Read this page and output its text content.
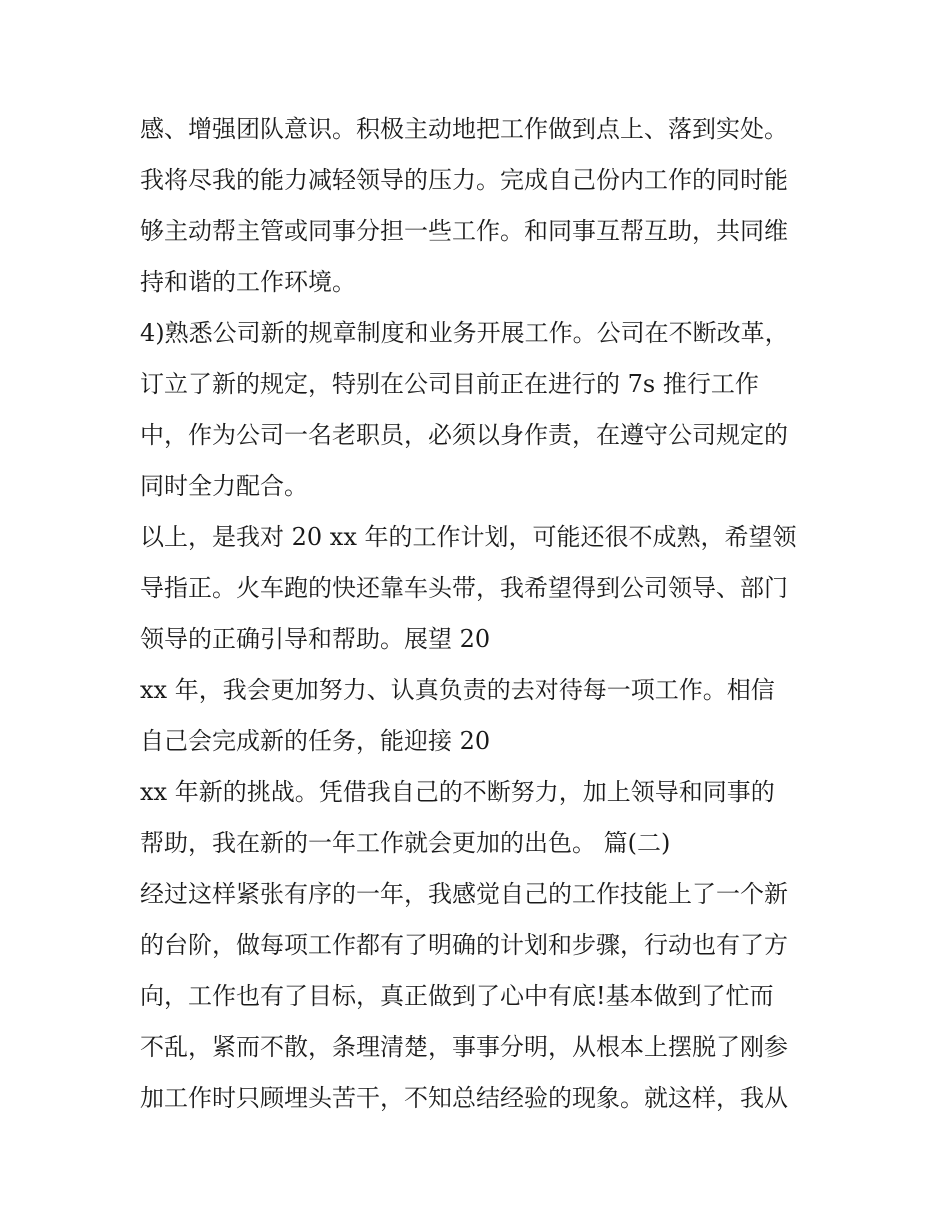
感、增强团队意识。积极主动地把工作做到点上、落到实处。
我将尽我的能力减轻领导的压力。完成自己份内工作的同时能
够主动帮主管或同事分担一些工作。和同事互帮互助，共同维
持和谐的工作环境。
4)熟悉公司新的规章制度和业务开展工作。公司在不断改革，
订立了新的规定，特别在公司目前正在进行的 7s 推行工作
中，作为公司一名老职员，必须以身作责，在遵守公司规定的
同时全力配合。
以上，是我对 20 xx 年的工作计划，可能还很不成熟，希望领
导指正。火车跑的快还靠车头带，我希望得到公司领导、部门
领导的正确引导和帮助。展望 20
xx 年，我会更加努力、认真负责的去对待每一项工作。相信
自己会完成新的任务，能迎接 20
xx 年新的挑战。凭借我自己的不断努力，加上领导和同事的
帮助，我在新的一年工作就会更加的出色。 篇(二)
经过这样紧张有序的一年，我感觉自己的工作技能上了一个新
的台阶，做每项工作都有了明确的计划和步骤，行动也有了方
向，工作也有了目标，真正做到了心中有底!基本做到了忙而
不乱，紧而不散，条理清楚，事事分明，从根本上摆脱了刚参
加工作时只顾埋头苦干，不知总结经验的现象。就这样，我从
